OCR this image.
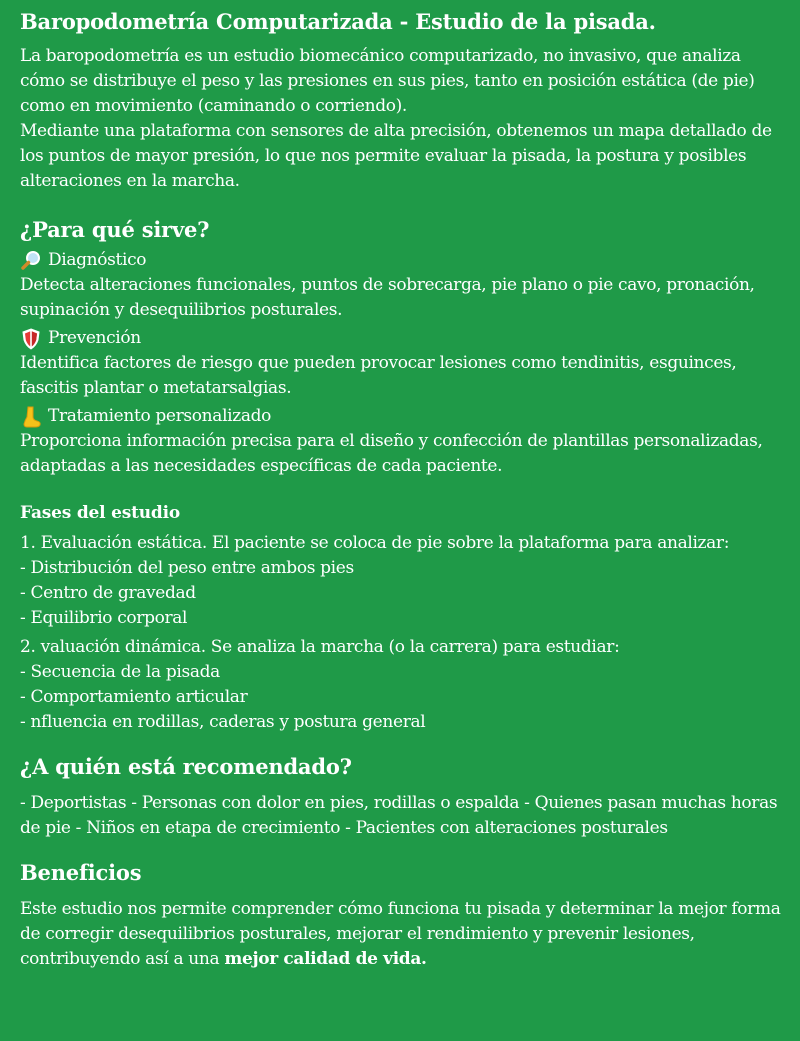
Baropodometría Computarizada - Estudio de la pisada.

La baropodometría es un estudio biomecánico computarizado, no invasivo, que analiza cómo se distribuye el peso y las presiones en sus pies, tanto en posición estática (de pie) como en movimiento (caminando o corriendo).

Mediante una plataforma con sensores de alta precisión, obtenemos un mapa detallado de los puntos de mayor presión, lo que nos permite evaluar la pisada, la postura y posibles alteraciones en la marcha.

¿Para qué sirve?
Diagnóstico

Detecta alteraciones funcionales, puntos de sobrecarga, pie plano o pie cavo, pronación, supinación y desequilibrios posturales.

Prevención

Identifica factores de riesgo que pueden provocar lesiones como tendinitis, esguinces, fascitis plantar o metatarsalgias.

Tratamiento personalizado

Proporciona información precisa para el diseño y confección de plantillas personalizadas, adaptadas a las necesidades específicas de cada paciente.

Fases del estudio

1. Evaluación estática. El paciente se coloca de pie sobre la plataforma para analizar:

- Distribución del peso entre ambos pies
- Centro de gravedad
- Equilibrio corporal

2. valuación dinámica. Se analiza la marcha (o la carrera) para estudiar:

- Secuencia de la pisada
- Comportamiento articular
- nfluencia en rodillas, caderas y postura general
¿A quién está recomendado?

- Deportistas - Personas con dolor en pies, rodillas o espalda - Quienes pasan muchas horas de pie - Niños en etapa de crecimiento - Pacientes con alteraciones posturales

Beneficios

Este estudio nos permite comprender cómo funciona tu pisada y determinar la mejor forma de corregir desequilibrios posturales, mejorar el rendimiento y prevenir lesiones, contribuyendo así a una mejor calidad de vida.
